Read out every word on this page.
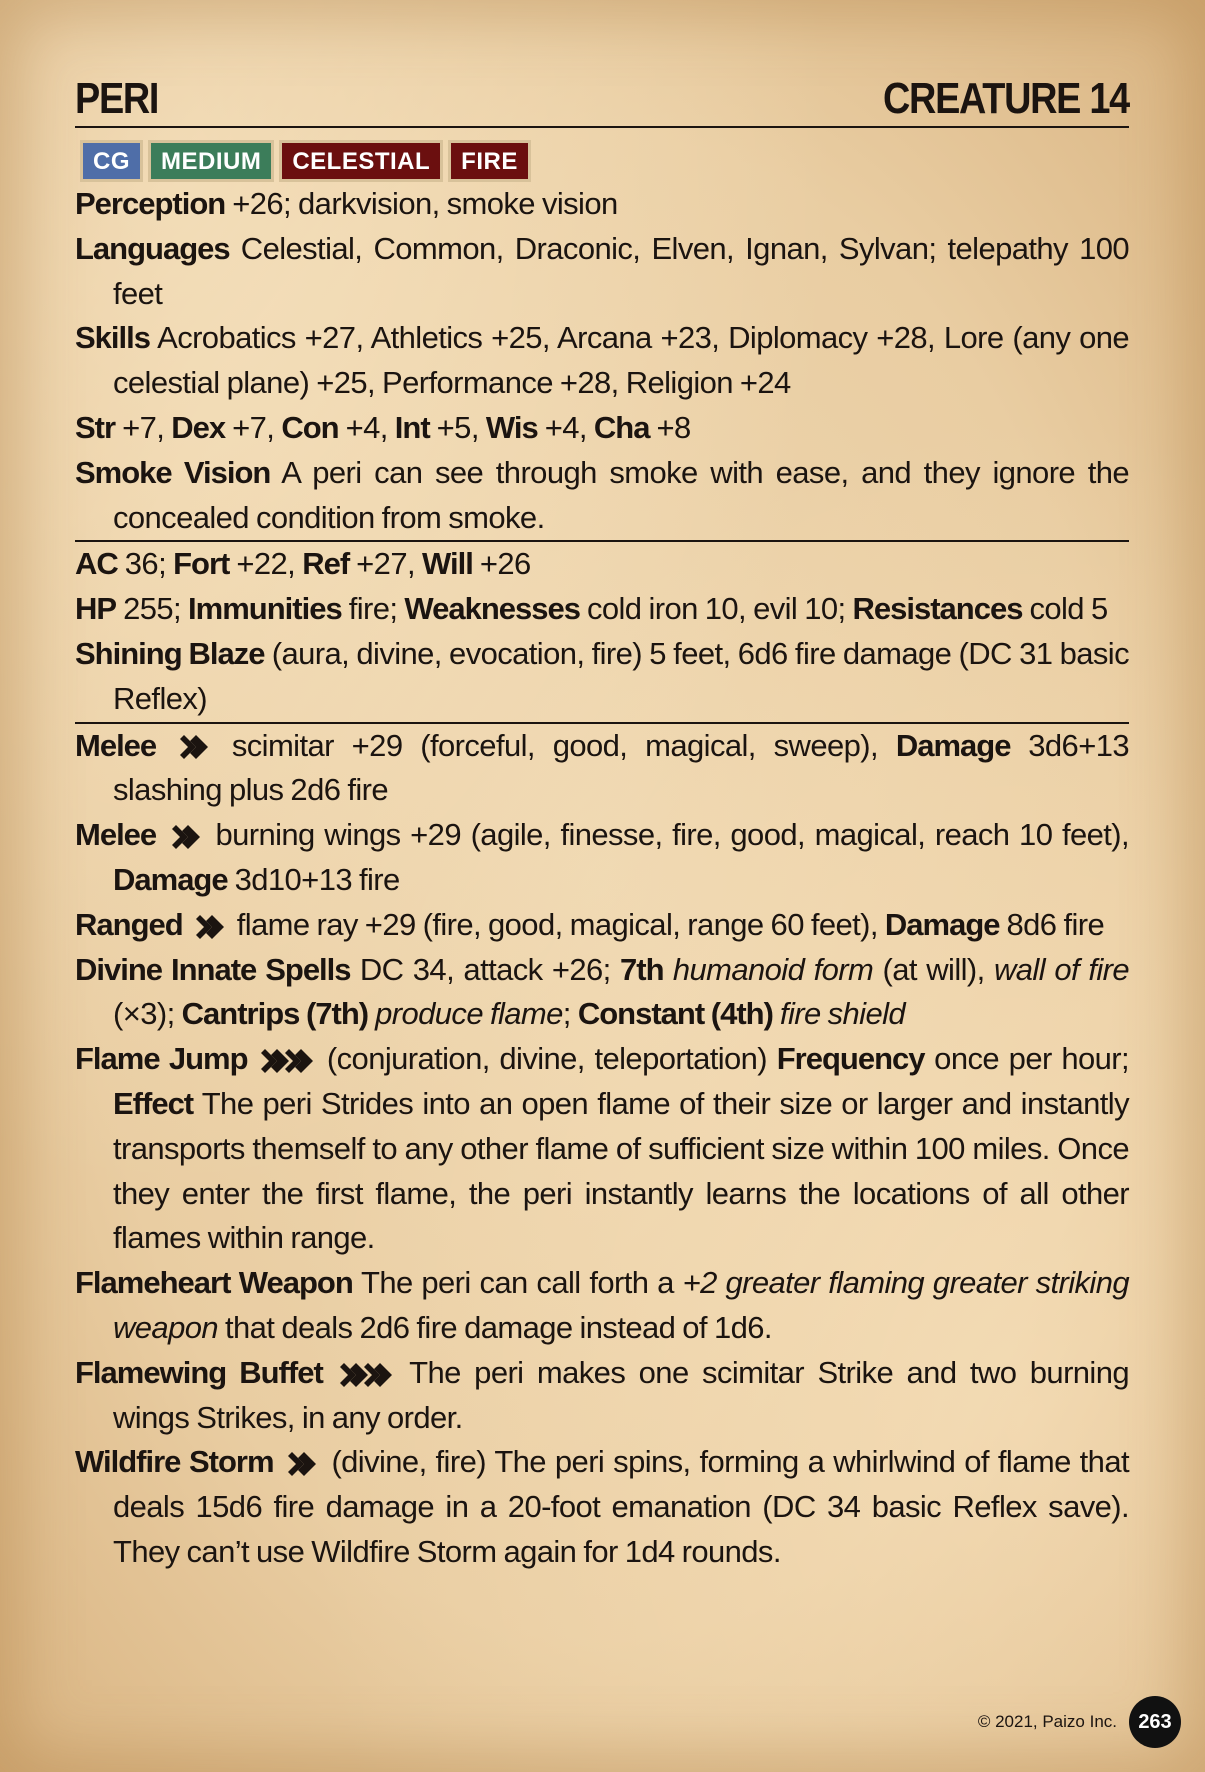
PERI	CREATURE 14
CG	MEDIUM	CELESTIAL	FIRE
Perception +26; darkvision, smoke vision
Languages Celestial, Common, Draconic, Elven, Ignan, Sylvan; telepathy 100 feet
Skills Acrobatics +27, Athletics +25, Arcana +23, Diplomacy +28, Lore (any one celestial plane) +25, Performance +28, Religion +24
Str +7, Dex +7, Con +4, Int +5, Wis +4, Cha +8
Smoke Vision A peri can see through smoke with ease, and they ignore the concealed condition from smoke.
AC 36; Fort +22, Ref +27, Will +26
HP 255; Immunities fire; Weaknesses cold iron 10, evil 10; Resistances cold 5
Shining Blaze (aura, divine, evocation, fire) 5 feet, 6d6 fire damage (DC 31 basic Reflex)
Melee  scimitar +29 (forceful, good, magical, sweep), Damage 3d6+13 slashing plus 2d6 fire
Melee  burning wings +29 (agile, finesse, fire, good, magical, reach 10 feet), Damage 3d10+13 fire
Ranged  flame ray +29 (fire, good, magical, range 60 feet), Damage 8d6 fire
Divine Innate Spells DC 34, attack +26; 7th humanoid form (at will), wall of fire (×3); Cantrips (7th) produce flame; Constant (4th) fire shield
Flame Jump  (conjuration, divine, teleportation) Frequency once per hour; Effect The peri Strides into an open flame of their size or larger and instantly transports themself to any other flame of sufficient size within 100 miles. Once they enter the first flame, the peri instantly learns the locations of all other flames within range.
Flameheart Weapon The peri can call forth a +2 greater flaming greater striking weapon that deals 2d6 fire damage instead of 1d6.
Flamewing Buffet  The peri makes one scimitar Strike and two burning wings Strikes, in any order.
Wildfire Storm  (divine, fire) The peri spins, forming a whirlwind of flame that deals 15d6 fire damage in a 20-foot emanation (DC 34 basic Reflex save). They can’t use Wildfire Storm again for 1d4 rounds.
© 2021, Paizo Inc.	263
